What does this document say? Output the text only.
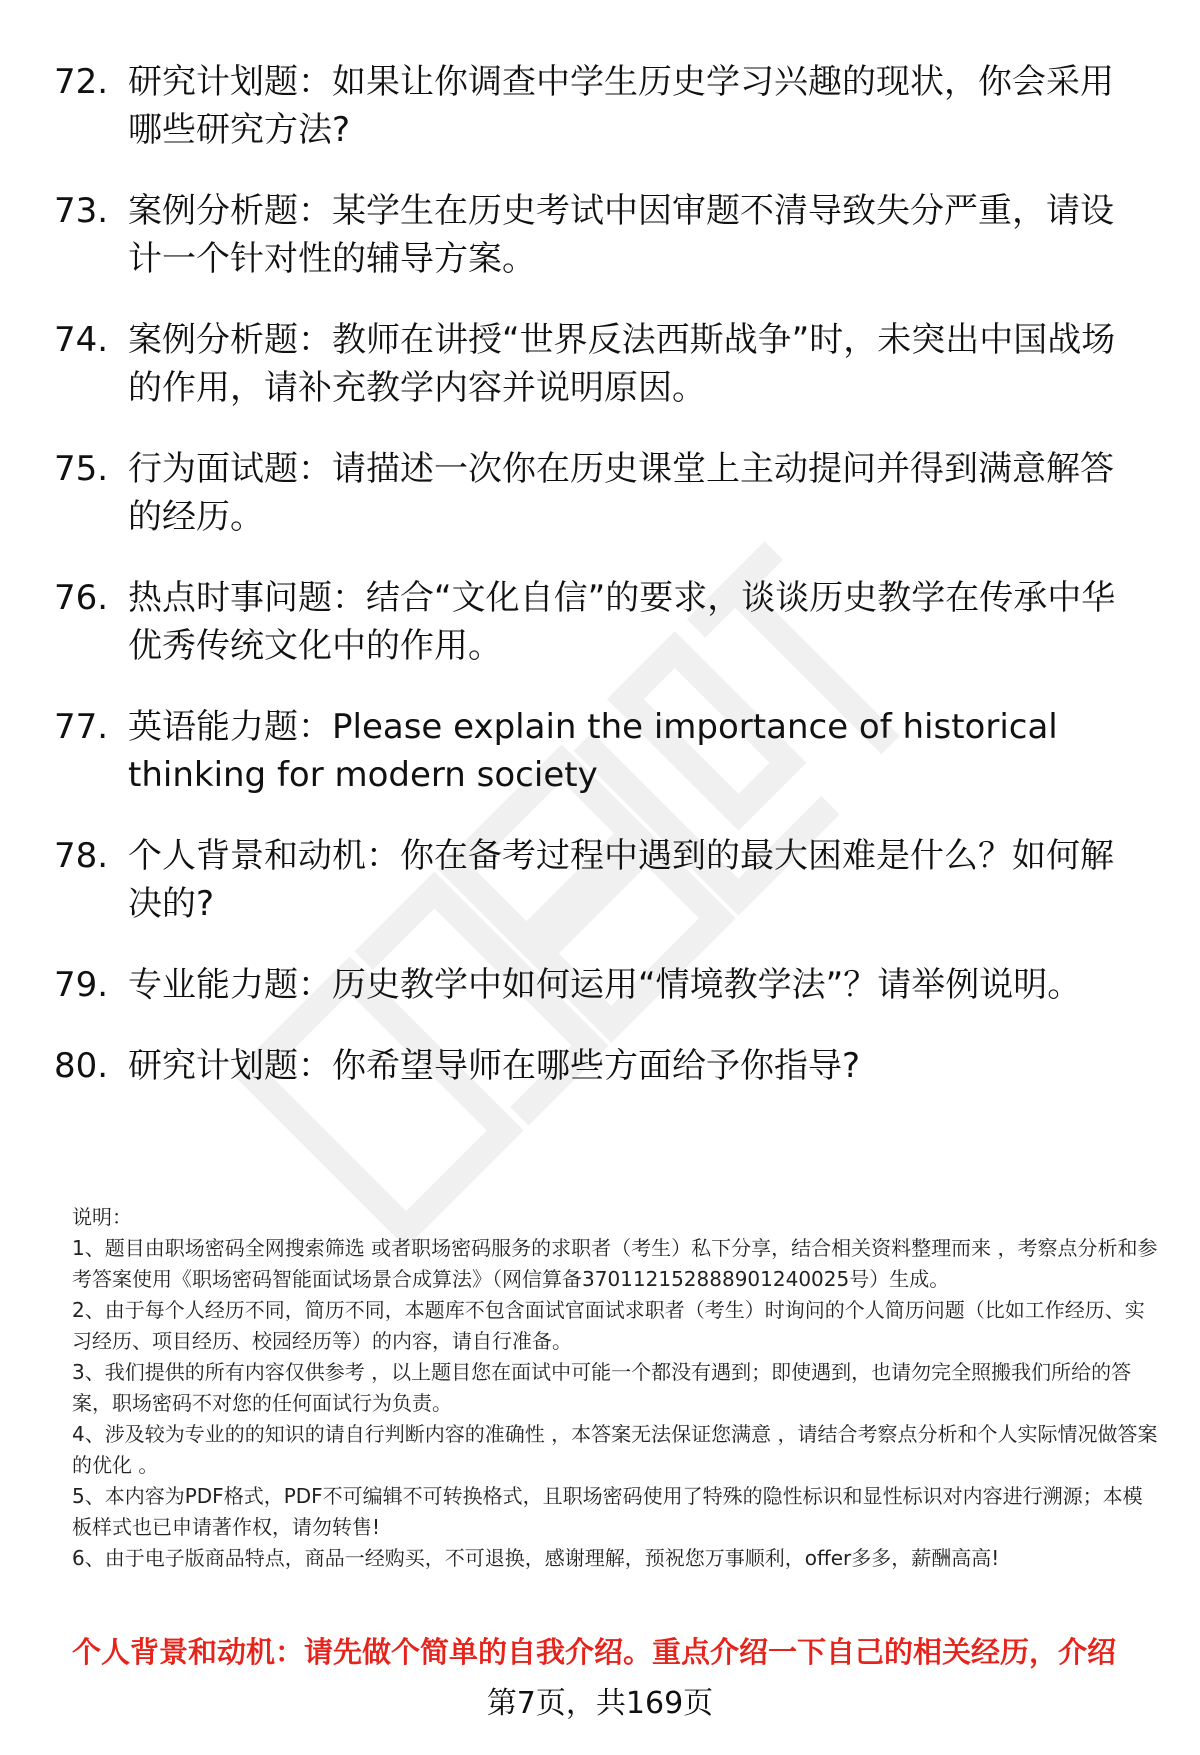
72. 研究计划题：如果让你调查中学生历史学习兴趣的现状，你会采用哪些研究方法?
73. 案例分析题：某学生在历史考试中因审题不清导致失分严重，请设计一个针对性的辅导方案。
74. 案例分析题：教师在讲授“世界反法西斯战争”时，未突出中国战场的作用，请补充教学内容并说明原因。
75. 行为面试题：请描述一次你在历史课堂上主动提问并得到满意解答的经历。
76. 热点时事问题：结合“文化自信”的要求，谈谈历史教学在传承中华优秀传统文化中的作用。
77. 英语能力题：Please explain the importance of historical thinking for modern society
78. 个人背景和动机：你在备考过程中遇到的最大困难是什么？如何解决的?
79. 专业能力题：历史教学中如何运用“情境教学法”？请举例说明。
80. 研究计划题：你希望导师在哪些方面给予你指导?

说明：

1、题目由职场密码全网搜索筛选 或者职场密码服务的求职者（考生）私下分享，结合相关资料整理而来 ，考察点分析和参考答案使用《职场密码智能面试场景合成算法》（网信算备370112152888901240025号）生成。

2、由于每个人经历不同，简历不同，本题库不包含面试官面试求职者（考生）时询问的个人简历问题（比如工作经历、实习经历、项目经历、校园经历等）的内容，请自行准备。

3、我们提供的所有内容仅供参考 ，以上题目您在面试中可能一个都没有遇到；即使遇到，也请勿完全照搬我们所给的答案，职场密码不对您的任何面试行为负责。

4、涉及较为专业的的知识的请自行判断内容的准确性 ，本答案无法保证您满意 ，请结合考察点分析和个人实际情况做答案的优化 。

5、本内容为PDF格式，PDF不可编辑不可转换格式，且职场密码使用了特殊的隐性标识和显性标识对内容进行溯源；本模板样式也已申请著作权，请勿转售!

6、由于电子版商品特点，商品一经购买，不可退换，感谢理解，预祝您万事顺利，offer多多，薪酬高高!

个人背景和动机：请先做个简单的自我介绍。重点介绍一下自己的相关经历，介绍
第7页，共169页
